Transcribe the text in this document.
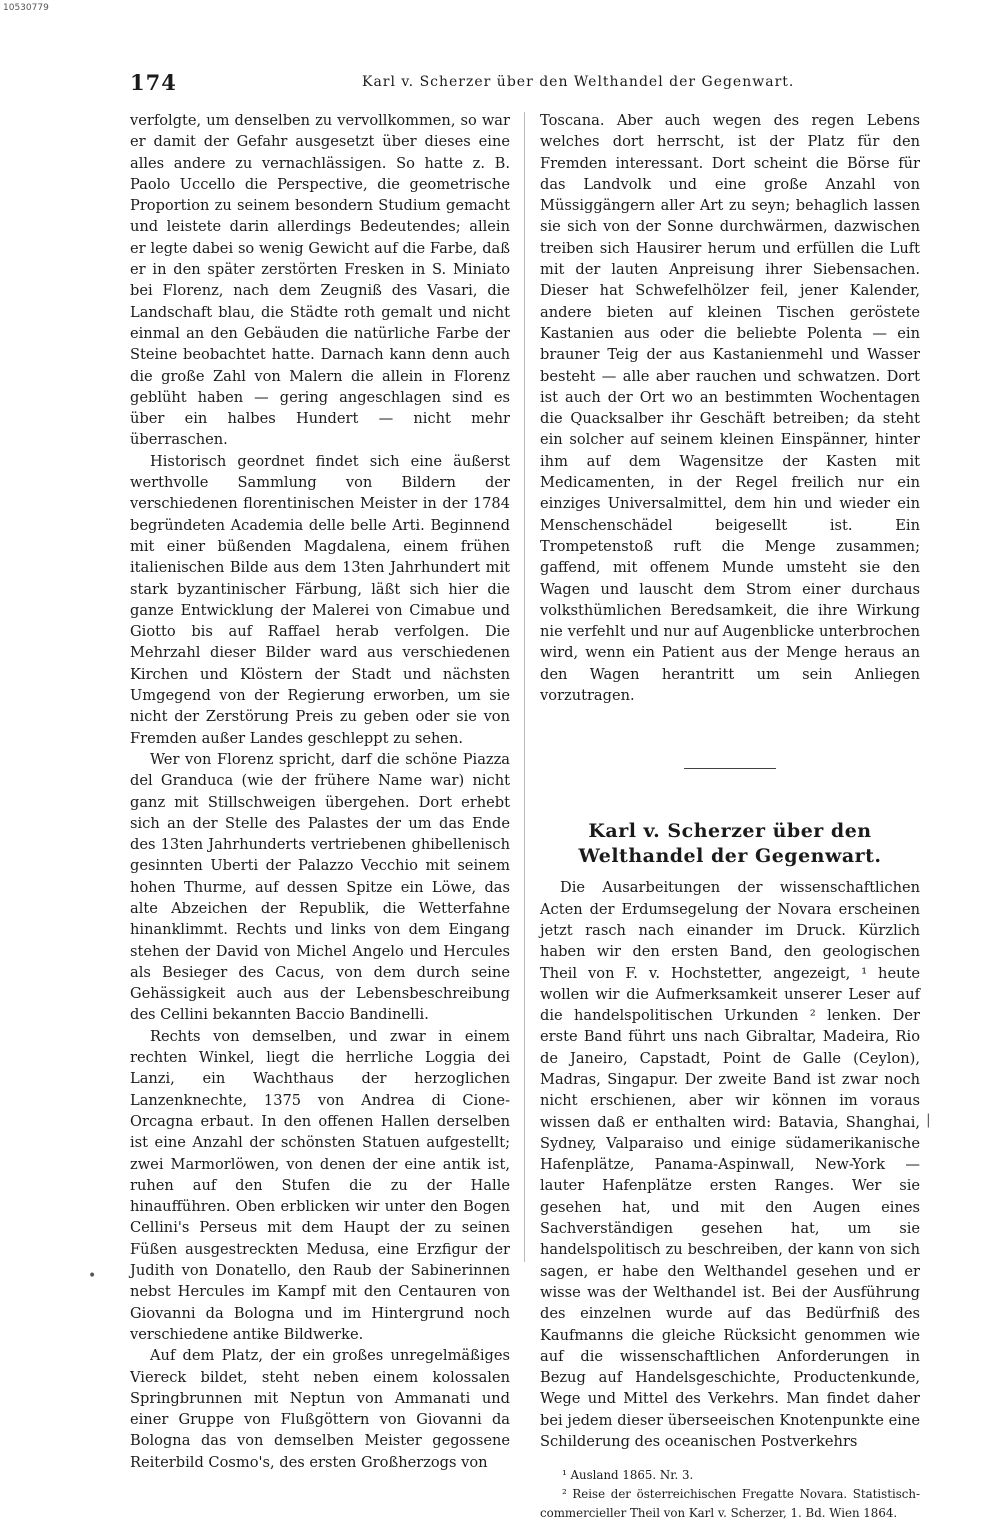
10530779
174	Karl v. Scherzer über den Welthandel der Gegenwart.

verfolgte, um denselben zu vervollkommen, so war er damit der Gefahr ausgesetzt über dieses eine alles andere zu vernachlässigen. So hatte z. B. Paolo Uccello die Perspective, die geometrische Proportion zu seinem besondern Studium gemacht und leistete darin allerdings Bedeutendes; allein er legte dabei so wenig Gewicht auf die Farbe, daß er in den später zerstörten Fresken in S. Miniato bei Florenz, nach dem Zeugniß des Vasari, die Landschaft blau, die Städte roth gemalt und nicht einmal an den Gebäuden die natürliche Farbe der Steine beobachtet hatte. Darnach kann denn auch die große Zahl von Malern die allein in Florenz geblüht haben — gering angeschlagen sind es über ein halbes Hundert — nicht mehr überraschen.

Historisch geordnet findet sich eine äußerst werthvolle Sammlung von Bildern der verschiedenen florentinischen Meister in der 1784 begründeten Academia delle belle Arti. Beginnend mit einer büßenden Magdalena, einem frühen italienischen Bilde aus dem 13ten Jahrhundert mit stark byzantinischer Färbung, läßt sich hier die ganze Entwicklung der Malerei von Cimabue und Giotto bis auf Raffael herab verfolgen. Die Mehrzahl dieser Bilder ward aus verschiedenen Kirchen und Klöstern der Stadt und nächsten Umgegend von der Regierung erworben, um sie nicht der Zerstörung Preis zu geben oder sie von Fremden außer Landes geschleppt zu sehen.

Wer von Florenz spricht, darf die schöne Piazza del Granduca (wie der frühere Name war) nicht ganz mit Stillschweigen übergehen. Dort erhebt sich an der Stelle des Palastes der um das Ende des 13ten Jahrhunderts vertriebenen ghibellenisch gesinnten Uberti der Palazzo Vecchio mit seinem hohen Thurme, auf dessen Spitze ein Löwe, das alte Abzeichen der Republik, die Wetterfahne hinanklimmt. Rechts und links von dem Eingang stehen der David von Michel Angelo und Hercules als Besieger des Cacus, von dem durch seine Gehässigkeit auch aus der Lebensbeschreibung des Cellini bekannten Baccio Bandinelli.

Rechts von demselben, und zwar in einem rechten Winkel, liegt die herrliche Loggia dei Lanzi, ein Wachthaus der herzoglichen Lanzenknechte, 1375 von Andrea di Cione-Orcagna erbaut. In den offenen Hallen derselben ist eine Anzahl der schönsten Statuen aufgestellt; zwei Marmorlöwen, von denen der eine antik ist, ruhen auf den Stufen die zu der Halle hinaufführen. Oben erblicken wir unter den Bogen Cellini's Perseus mit dem Haupt der zu seinen Füßen ausgestreckten Medusa, eine Erzfigur der Judith von Donatello, den Raub der Sabinerinnen nebst Hercules im Kampf mit den Centauren von Giovanni da Bologna und im Hintergrund noch verschiedene antike Bildwerke.

Auf dem Platz, der ein großes unregelmäßiges Viereck bildet, steht neben einem kolossalen Springbrunnen mit Neptun von Ammanati und einer Gruppe von Flußgöttern von Giovanni da Bologna das von demselben Meister gegossene Reiterbild Cosmo's, des ersten Großherzogs von

Toscana. Aber auch wegen des regen Lebens welches dort herrscht, ist der Platz für den Fremden interessant. Dort scheint die Börse für das Landvolk und eine große Anzahl von Müssiggängern aller Art zu seyn; behaglich lassen sie sich von der Sonne durchwärmen, dazwischen treiben sich Hausirer herum und erfüllen die Luft mit der lauten Anpreisung ihrer Siebensachen. Dieser hat Schwefelhölzer feil, jener Kalender, andere bieten auf kleinen Tischen geröstete Kastanien aus oder die beliebte Polenta — ein brauner Teig der aus Kastanienmehl und Wasser besteht — alle aber rauchen und schwatzen. Dort ist auch der Ort wo an bestimmten Wochentagen die Quacksalber ihr Geschäft betreiben; da steht ein solcher auf seinem kleinen Einspänner, hinter ihm auf dem Wagensitze der Kasten mit Medicamenten, in der Regel freilich nur ein einziges Universalmittel, dem hin und wieder ein Menschenschädel beigesellt ist. Ein Trompetenstoß ruft die Menge zusammen; gaffend, mit offenem Munde umsteht sie den Wagen und lauscht dem Strom einer durchaus volksthümlichen Beredsamkeit, die ihre Wirkung nie verfehlt und nur auf Augenblicke unterbrochen wird, wenn ein Patient aus der Menge heraus an den Wagen herantritt um sein Anliegen vorzutragen.

Karl v. Scherzer über den Welthandel der Gegenwart.

Die Ausarbeitungen der wissenschaftlichen Acten der Erdumsegelung der Novara erscheinen jetzt rasch nach einander im Druck. Kürzlich haben wir den ersten Band, den geologischen Theil von F. v. Hochstetter, angezeigt, ¹ heute wollen wir die Aufmerksamkeit unserer Leser auf die handelspolitischen Urkunden ² lenken. Der erste Band führt uns nach Gibraltar, Madeira, Rio de Janeiro, Capstadt, Point de Galle (Ceylon), Madras, Singapur. Der zweite Band ist zwar noch nicht erschienen, aber wir können im voraus wissen daß er enthalten wird: Batavia, Shanghai, Sydney, Valparaiso und einige südamerikanische Hafenplätze, Panama-Aspinwall, New-York — lauter Hafenplätze ersten Ranges. Wer sie gesehen hat, und mit den Augen eines Sachverständigen gesehen hat, um sie handelspolitisch zu beschreiben, der kann von sich sagen, er habe den Welthandel gesehen und er wisse was der Welthandel ist. Bei der Ausführung des einzelnen wurde auf das Bedürfniß des Kaufmanns die gleiche Rücksicht genommen wie auf die wissenschaftlichen Anforderungen in Bezug auf Handelsgeschichte, Productenkunde, Wege und Mittel des Verkehrs. Man findet daher bei jedem dieser überseeischen Knotenpunkte eine Schilderung des oceanischen Postverkehrs

¹ Ausland 1865. Nr. 3.

² Reise der österreichischen Fregatte Novara. Statistisch-commercieller Theil von Karl v. Scherzer, 1. Bd. Wien 1864.

|
•
